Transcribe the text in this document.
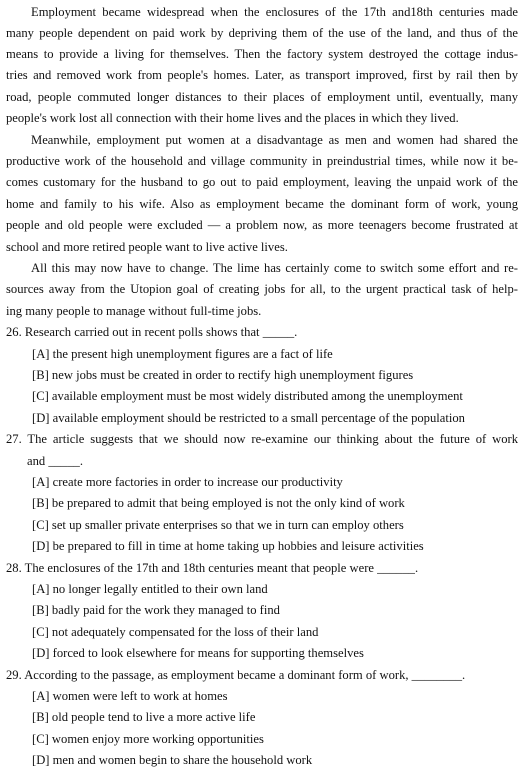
Employment became widespread when the enclosures of the 17th and18th centuries made
many people dependent on paid work by depriving them of the use of the land, and thus of the
means to provide a living for themselves. Then the factory system destroyed the cottage indus-
tries and removed work from people's homes. Later, as transport improved, first by rail then by
road, people commuted longer distances to their places of employment until, eventually, many
people's work lost all connection with their home lives and the places in which they lived.
Meanwhile, employment put women at a disadvantage as men and women had shared the
productive work of the household and village community in preindustrial times, while now it be-
comes customary for the husband to go out to paid employment, leaving the unpaid work of the
home and family to his wife. Also as employment became the dominant form of work, young
people and old people were excluded — a problem now, as more teenagers become frustrated at
school and more retired people want to live active lives.
All this may now have to change. The lime has certainly come to switch some effort and re-
sources away from the Utopion goal of creating jobs for all, to the urgent practical task of help-
ing many people to manage without full-time jobs.
26. Research carried out in recent polls shows that _____.
[A] the present high unemployment figures are a fact of life
[B] new jobs must be created in order to rectify high unemployment figures
[C] available employment must be most widely distributed among the unemployment
[D] available employment should be restricted to a small percentage of the population
27. The article suggests that we should now re-examine our thinking about the future of work
and _____.
[A] create more factories in order to increase our productivity
[B] be prepared to admit that being employed is not the only kind of work
[C] set up smaller private enterprises so that we in turn can employ others
[D] be prepared to fill in time at home taking up hobbies and leisure activities
28. The enclosures of the 17th and 18th centuries meant that people were ______.
[A] no longer legally entitled to their own land
[B] badly paid for the work they managed to find
[C] not adequately compensated for the loss of their land
[D] forced to look elsewhere for means for supporting themselves
29. According to the passage, as employment became a dominant form of work, ________.
[A] women were left to work at homes
[B] old people tend to live a more active life
[C] women enjoy more working opportunities
[D] men and women begin to share the household work
